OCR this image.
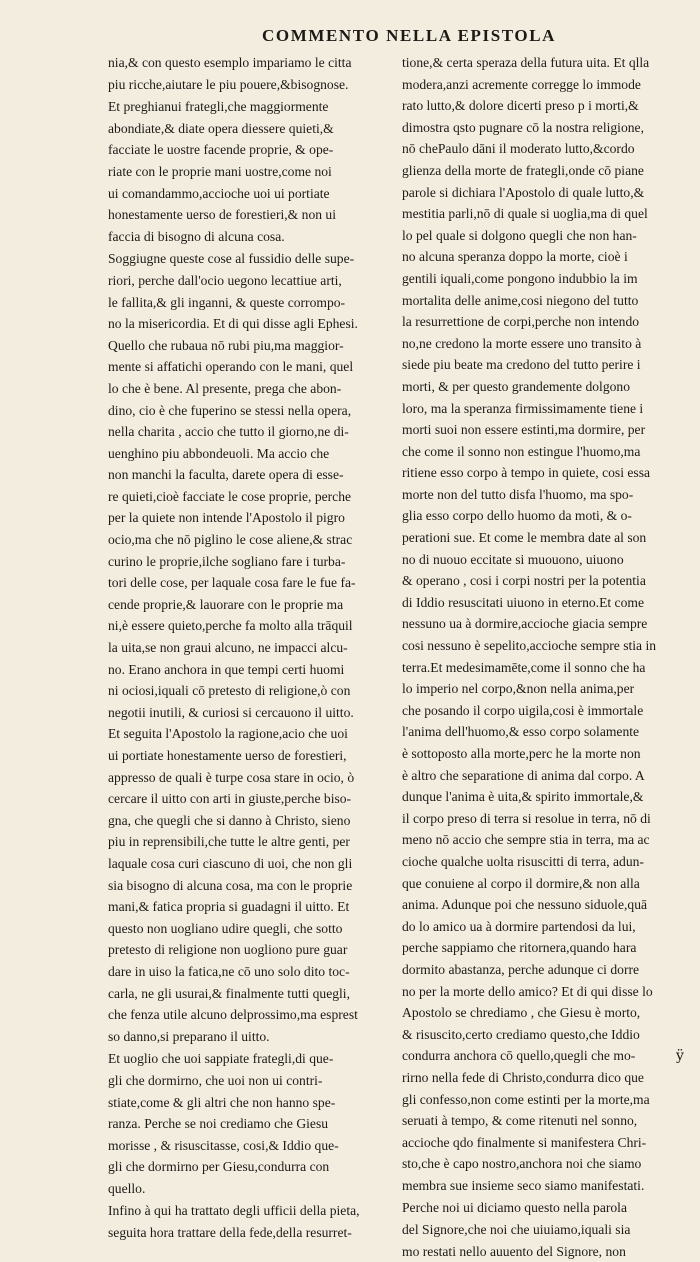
COMMENTO NELLA EPISTOLA

nia,& con questo esemplo impariamo le citta
piu ricche,aiutare le piu pouere,&bisognose.

Et preghianui frategli,che maggiormente
abondiate,& diate opera diessere quieti,&
facciate le uostre facende proprie, & ope-
riate con le proprie mani uostre,come noi
ui comandammo,accioche uoi ui portiate
honestamente uerso de forestieri,& non ui
faccia di bisogno di alcuna cosa.

Soggiugne queste cose al fussidio delle supe-
riori, perche dall'ocio uegono lecattiue arti,
le fallita,& gli inganni, & queste corrompo-
no la misericordia. Et di qui disse agli Ephesi.
Quello che rubaua nō rubi piu,ma maggior-
mente si affatichi operando con le mani, quel
lo che è bene. Al presente, prega che abon-
dino, cio è che fuperino se stessi nella opera,
nella charita , accio che tutto il giorno,ne di-
uenghino piu abbondeuoli. Ma accio che
non manchi la faculta, darete opera di esse-
re quieti,cioè facciate le cose proprie, perche
per la quiete non intende l'Apostolo il pigro
ocio,ma che nō piglino le cose aliene,& strac
curino le proprie,ilche sogliano fare i turba-
tori delle cose, per laquale cosa fare le fue fa-
cende proprie,& lauorare con le proprie ma
ni,è essere quieto,perche fa molto alla trāquil
la uita,se non graui alcuno, ne impacci alcu-
no. Erano anchora in que tempi certi huomi
ni ociosi,iquali cō pretesto di religione,ò con
negotii inutili, & curiosi si cercauono il uitto.
Et seguita l'Apostolo la ragione,acio che uoi
ui portiate honestamente uerso de forestieri,
appresso de quali è turpe cosa stare in ocio, ò
cercare il uitto con arti in giuste,perche biso-
gna, che quegli che si danno à Christo, sieno
piu in reprensibili,che tutte le altre genti, per
laquale cosa curi ciascuno di uoi, che non gli
sia bisogno di alcuna cosa, ma con le proprie
mani,& fatica propria si guadagni il uitto. Et
questo non uogliano udire quegli, che sotto
pretesto di religione non uogliono pure guar
dare in uiso la fatica,ne cō uno solo dito toc-
carla, ne gli usurai,& finalmente tutti quegli,
che fenza utile alcuno delprossimo,ma esprest
so danno,si preparano il uitto.

Et uoglio che uoi sappiate frategli,di que-
gli che dormirno, che uoi non ui contri-
stiate,come & gli altri che non hanno spe-
ranza. Perche se noi crediamo che Giesu
morisse , & risuscitasse, cosi,& Iddio que-
gli che dormirno per Giesu,condurra con
quello.

Infino à qui ha trattato degli ufficii della pieta,
seguita hora trattare della fede,della resurret-

tione,& certa speraza della futura uita. Et qlla
modera,anzi acremente corregge lo immode
rato lutto,& dolore dicerti preso p i morti,&
dimostra qsto pugnare cō la nostra religione,
nō chePaulo dāni il moderato lutto,&cordo
glienza della morte de frategli,onde cō piane
parole si dichiara l'Apostolo di quale lutto,&
mestitia parli,nō di quale si uoglia,ma di quel
lo pel quale si dolgono quegli che non han-
no alcuna speranza doppo la morte, cioè i
gentili iquali,come pongono indubbio la im
mortalita delle anime,cosi niegono del tutto
la resurrettione de corpi,perche non intendo
no,ne credono la morte essere uno transito à
siede piu beate ma credono del tutto perire i
morti, & per questo grandemente dolgono
loro, ma la speranza firmissimamente tiene i
morti suoi non essere estinti,ma dormire, per
che come il sonno non estingue l'huomo,ma
ritiene esso corpo à tempo in quiete, cosi essa
morte non del tutto disfa l'huomo, ma spo-
glia esso corpo dello huomo da moti, & o-
perationi sue. Et come le membra date al son
no di nuouo eccitate si muouono, uiuono
& operano , cosi i corpi nostri per la potentia
di Iddio resuscitati uiuono in eterno.Et come
nessuno ua à dormire,accioche giacia sempre
cosi nessuno è sepelito,accioche sempre stia in
terra.Et medesimamēte,come il sonno che ha
lo imperio nel corpo,&non nella anima,per
che posando il corpo uigila,cosi è immortale
l'anima dell'huomo,& esso corpo solamente
è sottoposto alla morte,perc he la morte non
è altro che separatione di anima dal corpo. A
dunque l'anima è uita,& spirito immortale,&
il corpo preso di terra si resolue in terra, nō di
meno nō accio che sempre stia in terra, ma ac
cioche qualche uolta risuscitti di terra, adun-
que conuiene al corpo il dormire,& non alla
anima. Adunque poi che nessuno siduole,quā
do lo amico ua à dormire partendosi da lui,
perche sappiamo che ritornera,quando hara
dormito abastanza, perche adunque ci dorre
no per la morte dello amico? Et di qui disse lo
Apostolo se chrediamo , che Giesu è morto,
& risuscito,certo crediamo questo,che Iddio
condurra anchora cō quello,quegli che mo-
rirno nella fede di Christo,condurra dico que
gli confesso,non come estinti per la morte,ma
seruati à tempo, & come ritenuti nel sonno,
accioche qdo finalmente si manifestera Chri-
sto,che è capo nostro,anchora noi che siamo
membra sue insieme seco siamo manifestati.

Perche noi ui diciamo questo nella parola
del Signore,che noi che uiuiamo,iquali sia
mo restati nello auuento del Signore, non

ÿ
